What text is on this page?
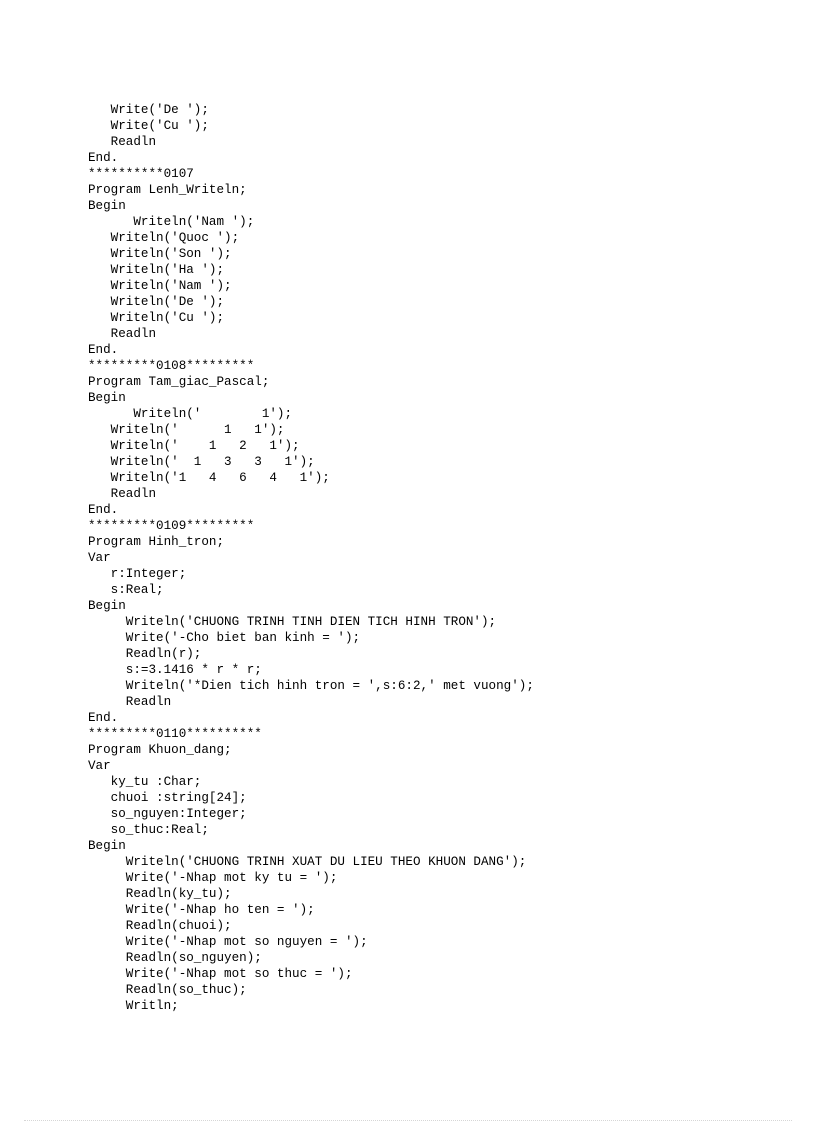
Write('De ');
Write('Cu ');
Readln
End.
**********0107
Program Lenh_Writeln;
Begin
Writeln('Nam ');
Writeln('Quoc ');
Writeln('Son ');
Writeln('Ha ');
Writeln('Nam ');
Writeln('De ');
Writeln('Cu ');
Readln
End.
*********0108*********
Program Tam_giac_Pascal;
Begin
Writeln('        1');
Writeln('      1   1');
Writeln('    1   2   1');
Writeln('  1   3   3   1');
Writeln('1   4   6   4   1');
Readln
End.
*********0109*********
Program Hinh_tron;
Var
r:Integer;
s:Real;
Begin
Writeln('CHUONG TRINH TINH DIEN TICH HINH TRON');
Write('-Cho biet ban kinh = ');
Readln(r);
s:=3.1416 * r * r;
Writeln('*Dien tich hinh tron = ',s:6:2,' met vuong');
Readln
End.
*********0110**********
Program Khuon_dang;
Var
ky_tu :Char;
chuoi :string[24];
so_nguyen:Integer;
so_thuc:Real;
Begin
Writeln('CHUONG TRINH XUAT DU LIEU THEO KHUON DANG');
Write('-Nhap mot ky tu = ');
Readln(ky_tu);
Write('-Nhap ho ten = ');
Readln(chuoi);
Write('-Nhap mot so nguyen = ');
Readln(so_nguyen);
Write('-Nhap mot so thuc = ');
Readln(so_thuc);
Writln;
